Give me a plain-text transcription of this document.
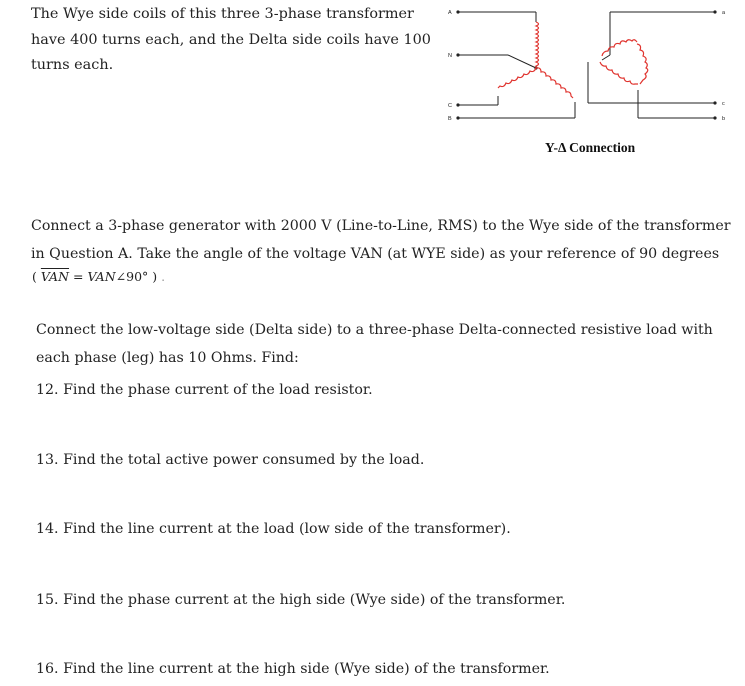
The Wye side coils of this three 3-phase transformer
have 400 turns each, and the Delta side coils have 100
turns each.
A
N
C
B
a
c
b
Y-Δ Connection
Connect a 3-phase generator with 2000 V (Line-to-Line, RMS) to the Wye side of the transformer
in Question A. Take the angle of the voltage VAN (at WYE side) as your reference of 90 degrees
( $\overline{VAN}$ = VAN∠90° ) .
Connect the low-voltage side (Delta side) to a three-phase Delta-connected resistive load with
each phase (leg) has 10 Ohms. Find:
12. Find the phase current of the load resistor.
13. Find the total active power consumed by the load.
14. Find the line current at the load (low side of the transformer).
15. Find the phase current at the high side (Wye side) of the transformer.
16. Find the line current at the high side (Wye side) of the transformer.
